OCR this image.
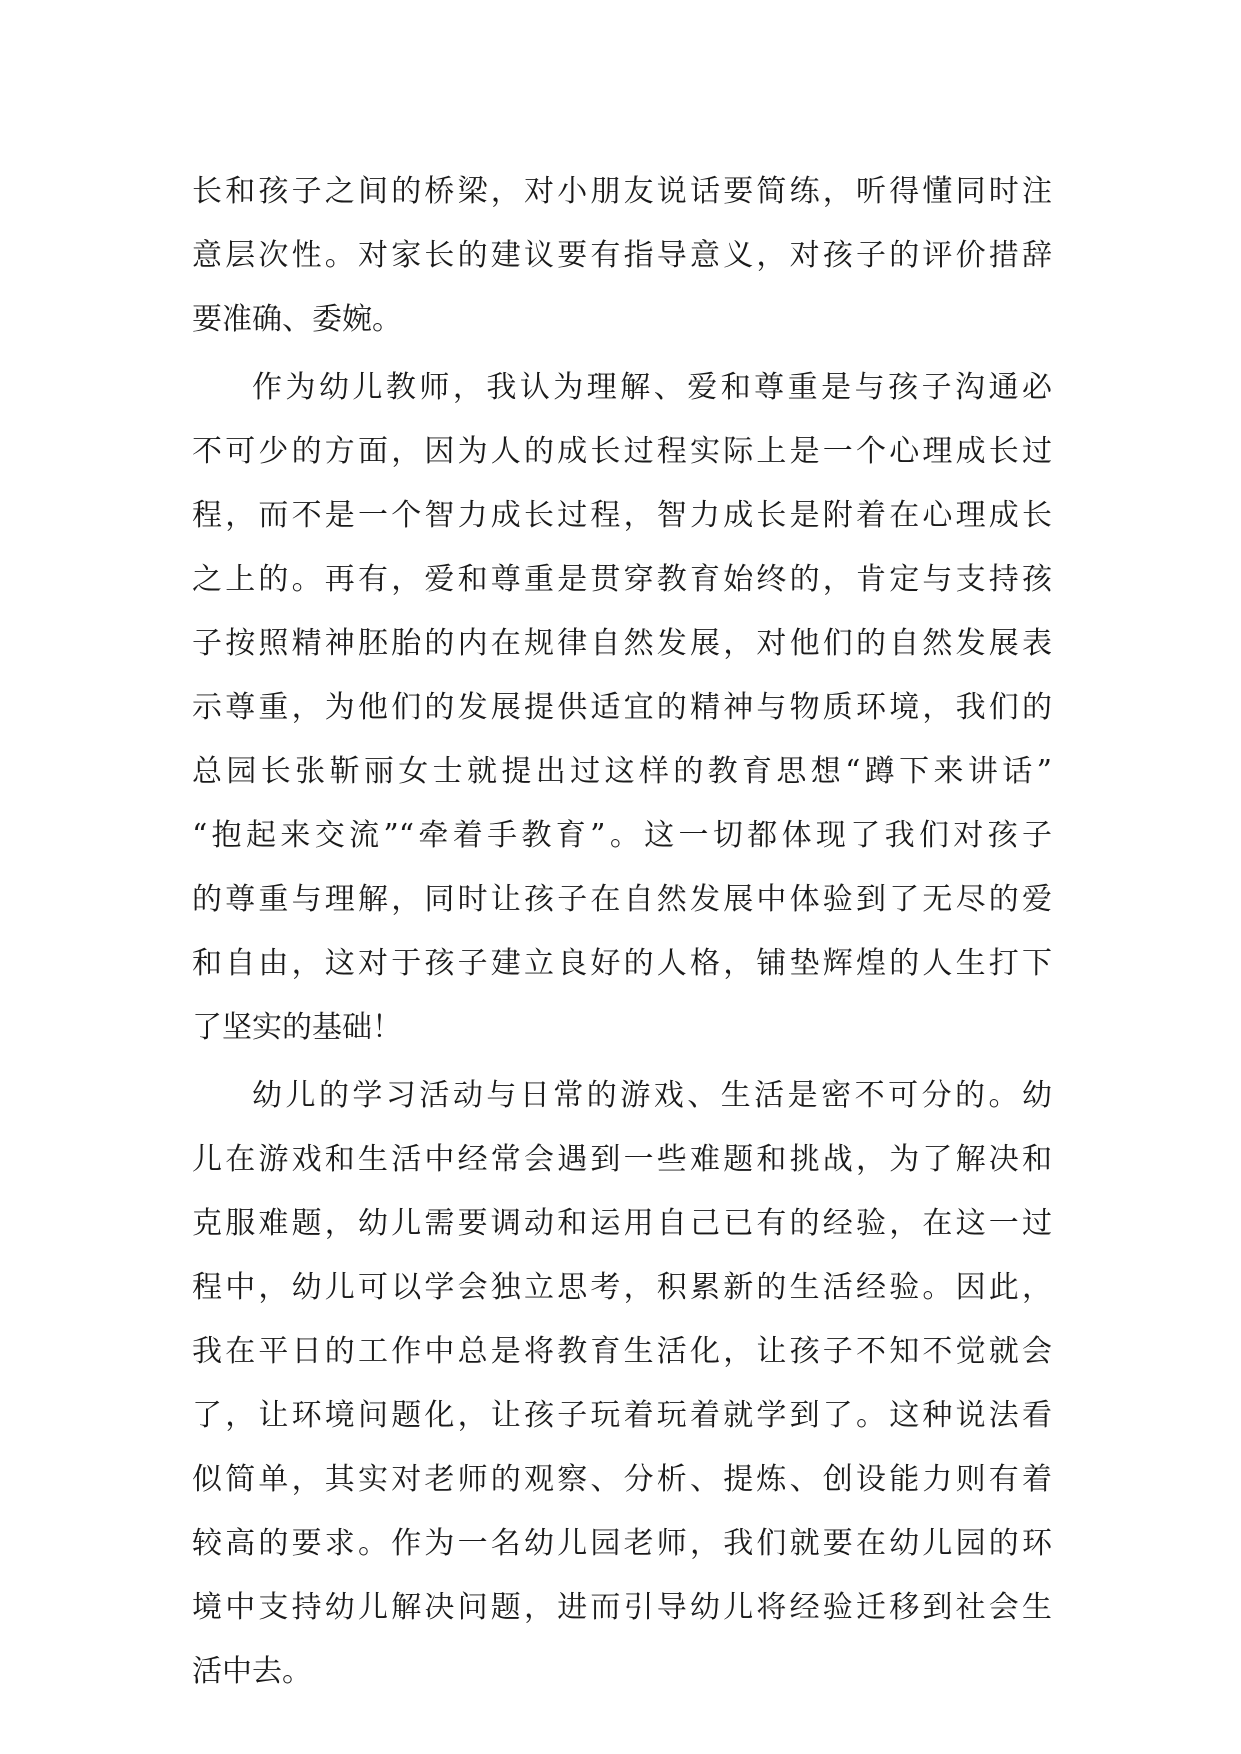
长和孩子之间的桥梁，对小朋友说话要简练，听得懂同时注
意层次性。对家长的建议要有指导意义，对孩子的评价措辞
要准确、委婉。
作为幼儿教师，我认为理解、爱和尊重是与孩子沟通必
不可少的方面，因为人的成长过程实际上是一个心理成长过
程，而不是一个智力成长过程，智力成长是附着在心理成长
之上的。再有，爱和尊重是贯穿教育始终的，肯定与支持孩
子按照精神胚胎的内在规律自然发展，对他们的自然发展表
示尊重，为他们的发展提供适宜的精神与物质环境，我们的
总园长张靳丽女士就提出过这样的教育思想“蹲下来讲话”
“抱起来交流”“牵着手教育”。这一切都体现了我们对孩子
的尊重与理解，同时让孩子在自然发展中体验到了无尽的爱
和自由，这对于孩子建立良好的人格，铺垫辉煌的人生打下
了坚实的基础！
幼儿的学习活动与日常的游戏、生活是密不可分的。幼
儿在游戏和生活中经常会遇到一些难题和挑战，为了解决和
克服难题，幼儿需要调动和运用自己已有的经验，在这一过
程中，幼儿可以学会独立思考，积累新的生活经验。因此，
我在平日的工作中总是将教育生活化，让孩子不知不觉就会
了，让环境问题化，让孩子玩着玩着就学到了。这种说法看
似简单，其实对老师的观察、分析、提炼、创设能力则有着
较高的要求。作为一名幼儿园老师，我们就要在幼儿园的环
境中支持幼儿解决问题，进而引导幼儿将经验迁移到社会生
活中去。
